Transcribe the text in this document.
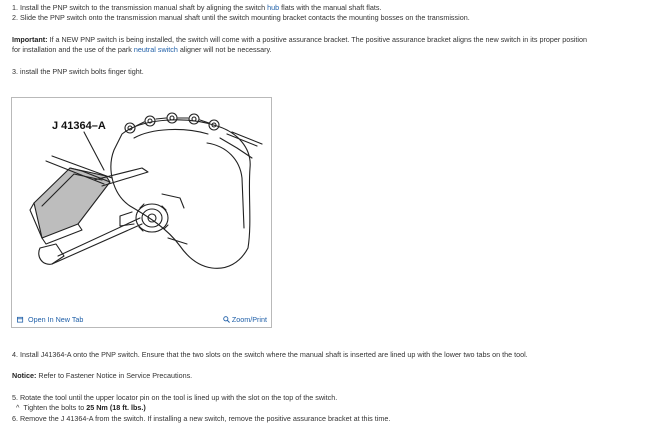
1. Install the PNP switch to the transmission manual shaft by aligning the switch hub flats with the manual shaft flats.
2. Slide the PNP switch onto the transmission manual shaft until the switch mounting bracket contacts the mounting bosses on the transmission.
Important: If a NEW PNP switch is being installed, the switch will come with a positive assurance bracket. The positive assurance bracket aligns the new switch in its proper position for installation and the use of the park neutral switch aligner will not be necessary.
3. install the PNP switch bolts finger tight.
J 41364–A
Open In New Tab	Zoom/Print
4. Install J41364-A onto the PNP switch. Ensure that the two slots on the switch where the manual shaft is inserted are lined up with the lower two tabs on the tool.
Notice: Refer to Fastener Notice in Service Precautions.
5. Rotate the tool until the upper locator pin on the tool is lined up with the slot on the top of the switch.
^ Tighten the bolts to 25 Nm (18 ft. lbs.)
6. Remove the J 41364-A from the switch. If installing a new switch, remove the positive assurance bracket at this time.
